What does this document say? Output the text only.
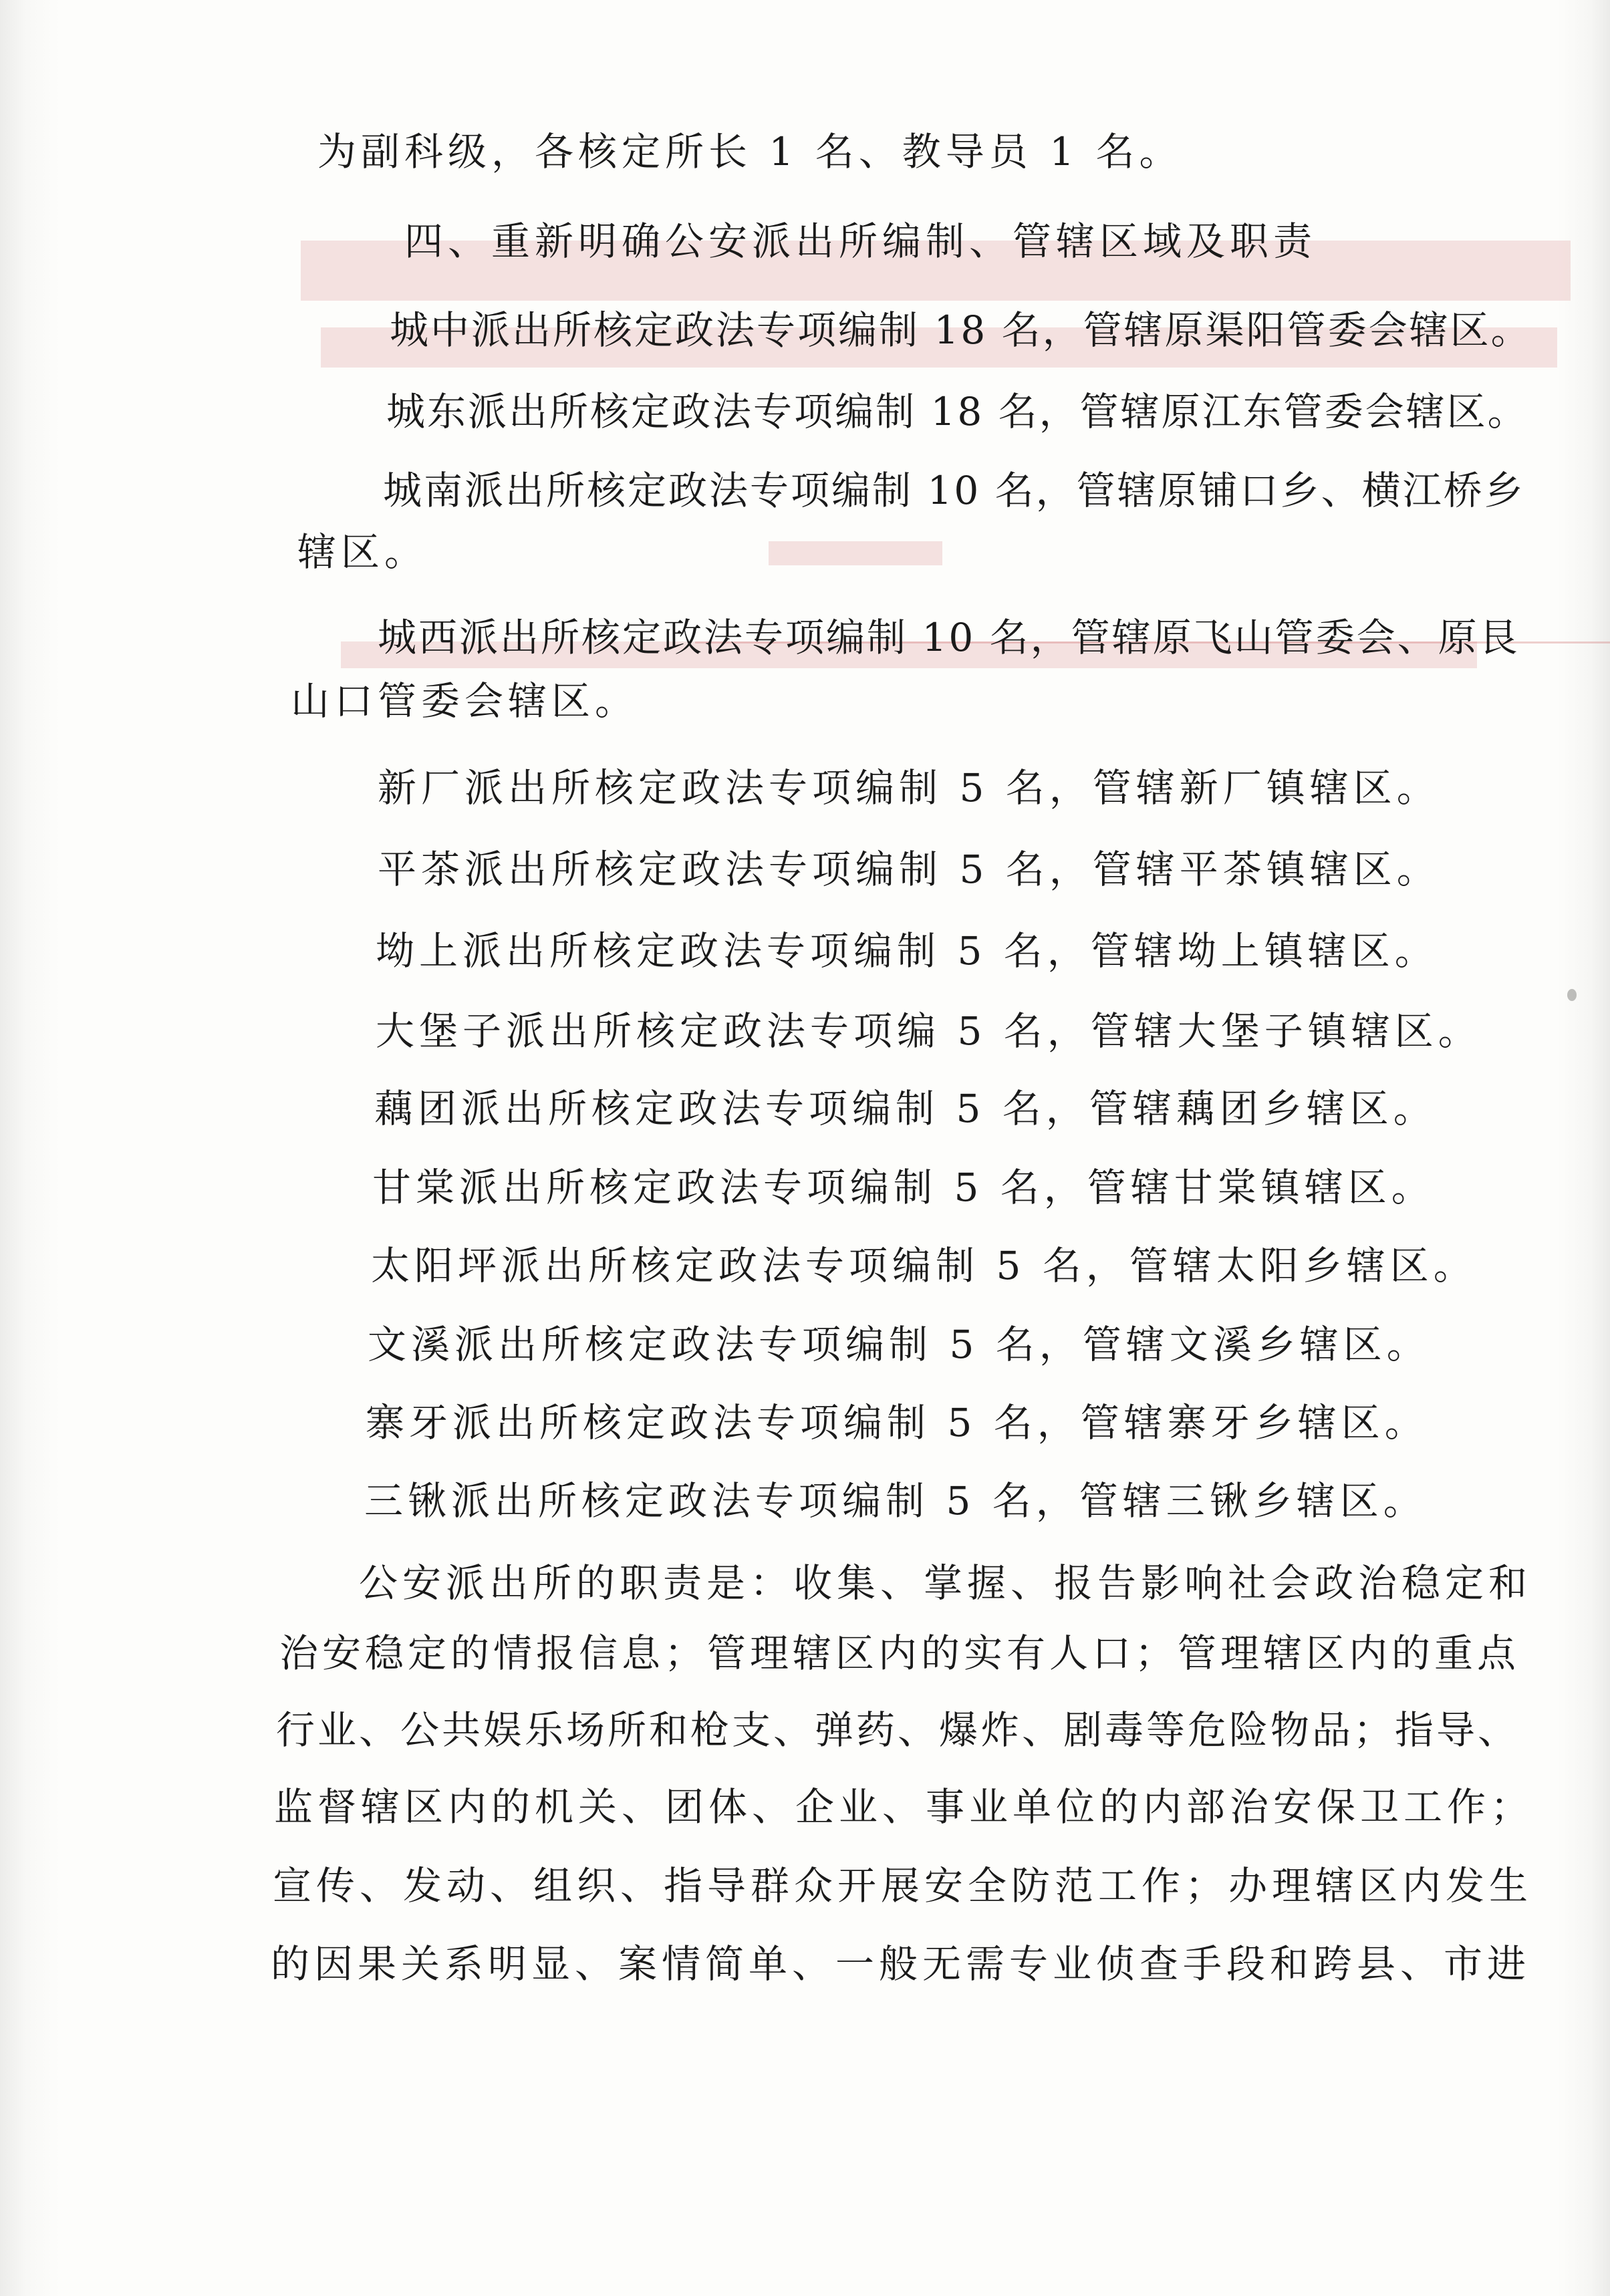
为副科级，各核定所长 1 名、教导员 1 名。
四、重新明确公安派出所编制、管辖区域及职责
城中派出所核定政法专项编制 18 名，管辖原渠阳管委会辖区。
城东派出所核定政法专项编制 18 名，管辖原江东管委会辖区。
城南派出所核定政法专项编制 10 名，管辖原铺口乡、横江桥乡
辖区。
城西派出所核定政法专项编制 10 名，管辖原飞山管委会、原艮
山口管委会辖区。
新厂派出所核定政法专项编制 5 名，管辖新厂镇辖区。
平茶派出所核定政法专项编制 5 名，管辖平茶镇辖区。
坳上派出所核定政法专项编制 5 名，管辖坳上镇辖区。
大堡子派出所核定政法专项编 5 名，管辖大堡子镇辖区。
藕团派出所核定政法专项编制 5 名，管辖藕团乡辖区。
甘棠派出所核定政法专项编制 5 名，管辖甘棠镇辖区。
太阳坪派出所核定政法专项编制 5 名，管辖太阳乡辖区。
文溪派出所核定政法专项编制 5 名，管辖文溪乡辖区。
寨牙派出所核定政法专项编制 5 名，管辖寨牙乡辖区。
三锹派出所核定政法专项编制 5 名，管辖三锹乡辖区。
公安派出所的职责是：收集、掌握、报告影响社会政治稳定和
治安稳定的情报信息；管理辖区内的实有人口；管理辖区内的重点
行业、公共娱乐场所和枪支、弹药、爆炸、剧毒等危险物品；指导、
监督辖区内的机关、团体、企业、事业单位的内部治安保卫工作；
宣传、发动、组织、指导群众开展安全防范工作；办理辖区内发生
的因果关系明显、案情简单、一般无需专业侦查手段和跨县、市进
